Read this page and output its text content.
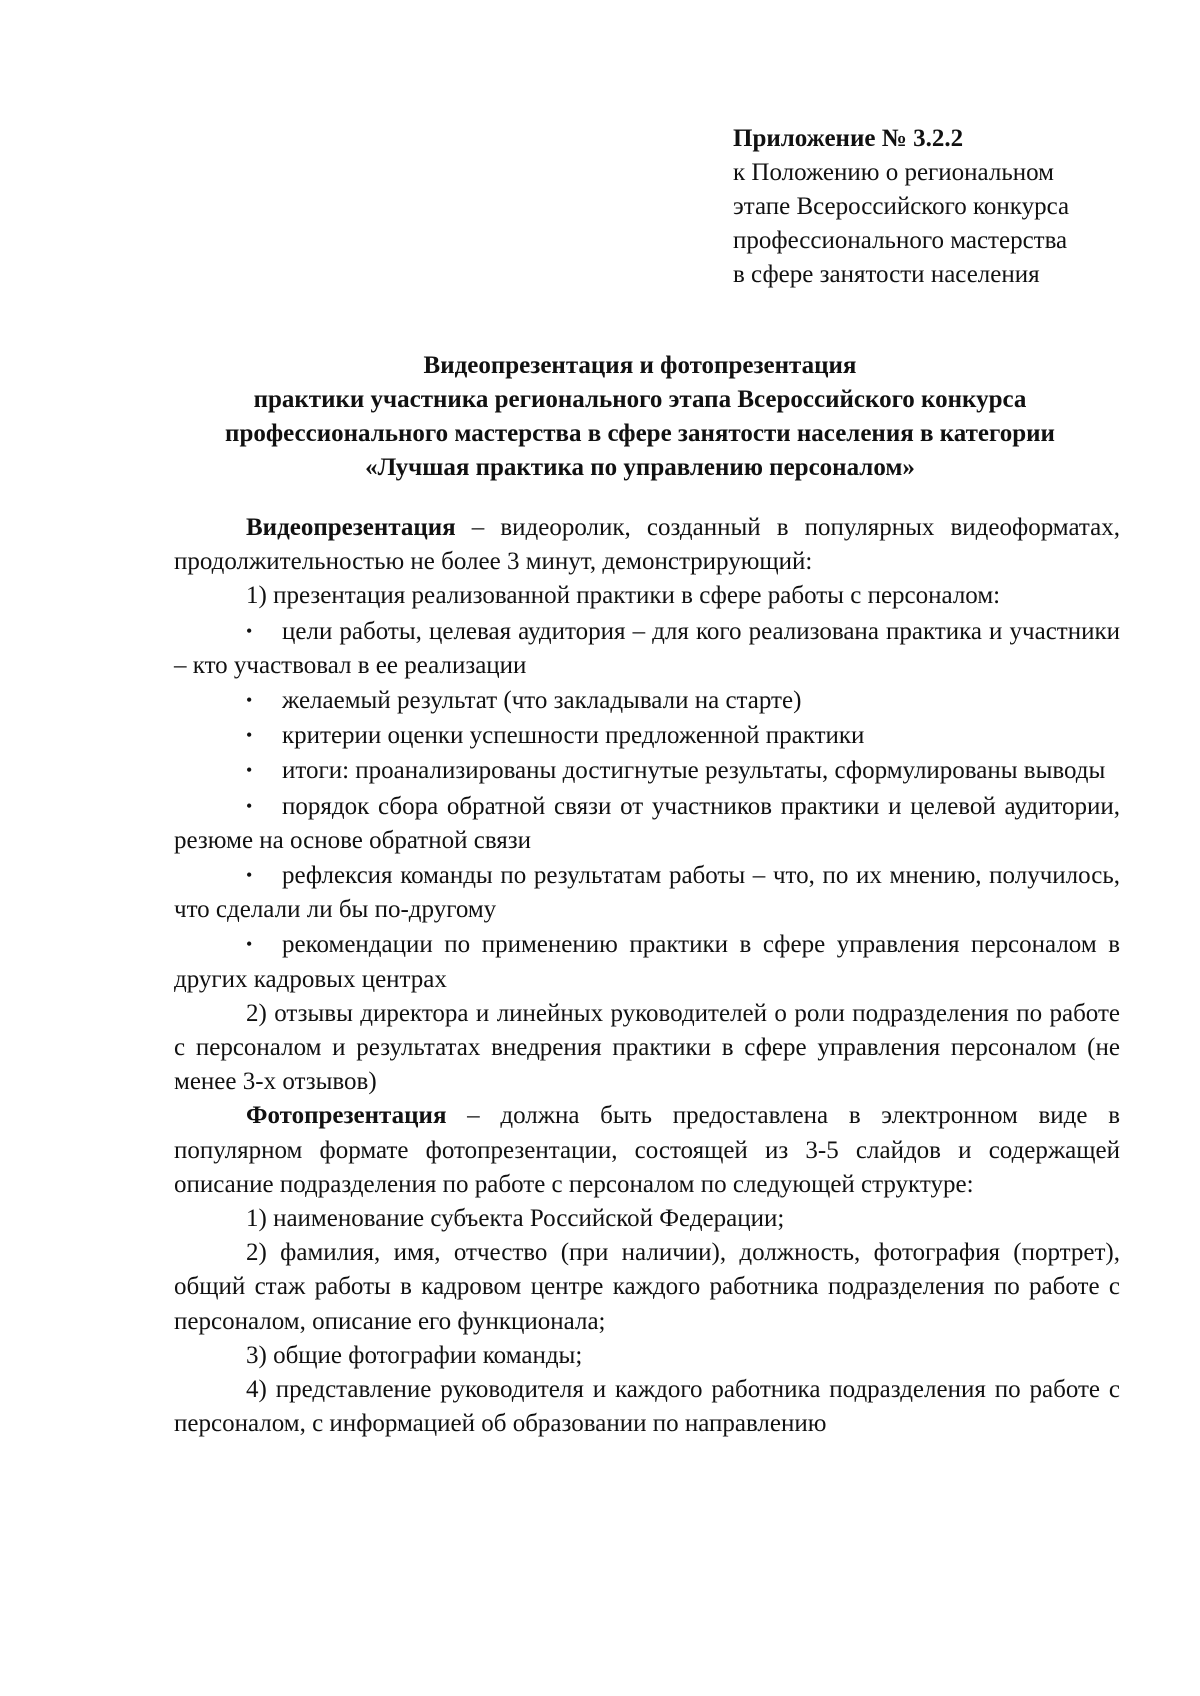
Приложение № 3.2.2
к Положению о региональном
этапе Всероссийского конкурса
профессионального мастерства
в сфере занятости населения
Видеопрезентация и фотопрезентация
практики участника регионального этапа Всероссийского конкурса
профессионального мастерства в сфере занятости населения в категории
«Лучшая практика по управлению персоналом»

Видеопрезентация – видеоролик, созданный в популярных видеоформатах, продолжительностью не более 3 минут, демонстрирующий:

1) презентация реализованной практики в сфере работы с персоналом:

• цели работы, целевая аудитория – для кого реализована практика и участники – кто участвовал в ее реализации

• желаемый результат (что закладывали на старте)

• критерии оценки успешности предложенной практики

• итоги: проанализированы достигнутые результаты, сформулированы выводы

• порядок сбора обратной связи от участников практики и целевой аудитории, резюме на основе обратной связи

• рефлексия команды по результатам работы – что, по их мнению, получилось, что сделали ли бы по-другому

• рекомендации по применению практики в сфере управления персоналом в других кадровых центрах

2) отзывы директора и линейных руководителей о роли подразделения по работе с персоналом и результатах внедрения практики в сфере управления персоналом (не менее 3-х отзывов)

Фотопрезентация – должна быть предоставлена в электронном виде в популярном формате фотопрезентации, состоящей из 3-5 слайдов и содержащей описание подразделения по работе с персоналом по следующей структуре:

1) наименование субъекта Российской Федерации;

2) фамилия, имя, отчество (при наличии), должность, фотография (портрет), общий стаж работы в кадровом центре каждого работника подразделения по работе с персоналом, описание его функционала;

3) общие фотографии команды;

4) представление руководителя и каждого работника подразделения по работе с персоналом, с информацией об образовании по направлению
